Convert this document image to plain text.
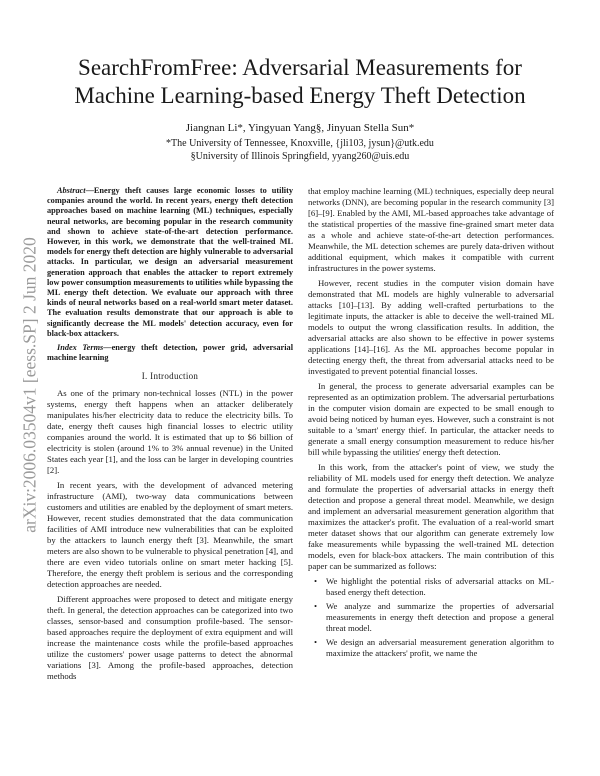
arXiv:2006.03504v1 [eess.SP] 2 Jun 2020
SearchFromFree: Adversarial Measurements for
Machine Learning-based Energy Theft Detection
Jiangnan Li*, Yingyuan Yang§, Jinyuan Stella Sun*
*The University of Tennessee, Knoxville, {jli103, jysun}@utk.edu
§University of Illinois Springfield, yyang260@uis.edu

Abstract—Energy theft causes large economic losses to utility companies around the world. In recent years, energy theft detection approaches based on machine learning (ML) techniques, especially neural networks, are becoming popular in the research community and shown to achieve state-of-the-art detection performance. However, in this work, we demonstrate that the well-trained ML models for energy theft detection are highly vulnerable to adversarial attacks. In particular, we design an adversarial measurement generation approach that enables the attacker to report extremely low power consumption measurements to utilities while bypassing the ML energy theft detection. We evaluate our approach with three kinds of neural networks based on a real-world smart meter dataset. The evaluation results demonstrate that our approach is able to significantly decrease the ML models' detection accuracy, even for black-box attackers.

Index Terms—energy theft detection, power grid, adversarial machine learning

I. Introduction

As one of the primary non-technical losses (NTL) in the power systems, energy theft happens when an attacker deliberately manipulates his/her electricity data to reduce the electricity bills. To date, energy theft causes high financial losses to electric utility companies around the world. It is estimated that up to $6 billion of electricity is stolen (around 1% to 3% annual revenue) in the United States each year [1], and the loss can be larger in developing countries [2].

In recent years, with the development of advanced metering infrastructure (AMI), two-way data communications between customers and utilities are enabled by the deployment of smart meters. However, recent studies demonstrated that the data communication facilities of AMI introduce new vulnerabilities that can be exploited by the attackers to launch energy theft [3]. Meanwhile, the smart meters are also shown to be vulnerable to physical penetration [4], and there are even video tutorials online on smart meter hacking [5]. Therefore, the energy theft problem is serious and the corresponding detection approaches are needed.

Different approaches were proposed to detect and mitigate energy theft. In general, the detection approaches can be categorized into two classes, sensor-based and consumption profile-based. The sensor-based approaches require the deployment of extra equipment and will increase the maintenance costs while the profile-based approaches utilize the customers' power usage patterns to detect the abnormal variations [3]. Among the profile-based approaches, detection methods

that employ machine learning (ML) techniques, especially deep neural networks (DNN), are becoming popular in the research community [3] [6]–[9]. Enabled by the AMI, ML-based approaches take advantage of the statistical properties of the massive fine-grained smart meter data as a whole and achieve state-of-the-art detection performances. Meanwhile, the ML detection schemes are purely data-driven without additional equipment, which makes it compatible with current infrastructures in the power systems.

However, recent studies in the computer vision domain have demonstrated that ML models are highly vulnerable to adversarial attacks [10]–[13]. By adding well-crafted perturbations to the legitimate inputs, the attacker is able to deceive the well-trained ML models to output the wrong classification results. In addition, the adversarial attacks are also shown to be effective in power systems applications [14]–[16]. As the ML approaches become popular in detecting energy theft, the threat from adversarial attacks need to be investigated to prevent potential financial losses.

In general, the process to generate adversarial examples can be represented as an optimization problem. The adversarial perturbations in the computer vision domain are expected to be small enough to avoid being noticed by human eyes. However, such a constraint is not suitable to a 'smart' energy thief. In particular, the attacker needs to generate a small energy consumption measurement to reduce his/her bill while bypassing the utilities' energy theft detection.

In this work, from the attacker's point of view, we study the reliability of ML models used for energy theft detection. We analyze and formulate the properties of adversarial attacks in energy theft detection and propose a general threat model. Meanwhile, we design and implement an adversarial measurement generation algorithm that maximizes the attacker's profit. The evaluation of a real-world smart meter dataset shows that our algorithm can generate extremely low fake measurements while bypassing the well-trained ML detection models, even for black-box attackers. The main contribution of this paper can be summarized as follows:

• We highlight the potential risks of adversarial attacks on ML-based energy theft detection.
• We analyze and summarize the properties of adversarial measurements in energy theft detection and propose a general threat model.
• We design an adversarial measurement generation algorithm to maximize the attackers' profit, we name the
